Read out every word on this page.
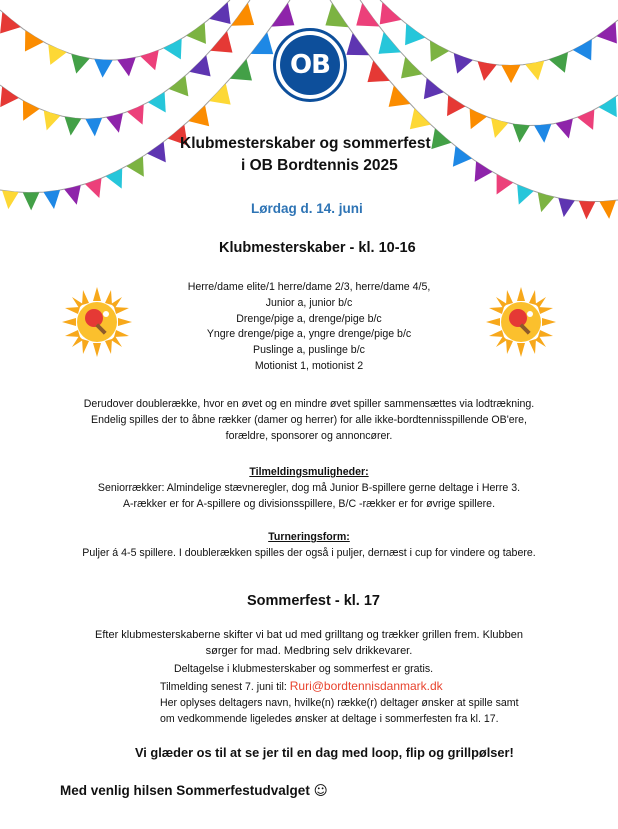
OB
Klubmesterskaber og sommerfest
i OB Bordtennis 2025
Lørdag d. 14. juni
Klubmesterskaber - kl. 10-16
Herre/dame elite/1 herre/dame 2/3, herre/dame 4/5,
Junior a, junior b/c
Drenge/pige a, drenge/pige b/c
Yngre drenge/pige a, yngre drenge/pige b/c
Puslinge a, puslinge b/c
Motionist 1, motionist 2
Derudover doublerække, hvor en øvet og en mindre øvet spiller sammensættes via lodtrækning.
Endelig spilles der to åbne rækker (damer og herrer) for alle ikke-bordtennisspillende OB'ere,
forældre, sponsorer og annoncører.
Tilmeldingsmuligheder:
Seniorrækker: Almindelige stævneregler, dog må Junior B-spillere gerne deltage i Herre 3.
A-rækker er for A-spillere og divisionsspillere, B/C -rækker er for øvrige spillere.
Turneringsform:
Puljer á 4-5 spillere. I doublerækken spilles der også i puljer, dernæst i cup for vindere og tabere.
Sommerfest - kl. 17
Efter klubmesterskaberne skifter vi bat ud med grilltang og trækker grillen frem. Klubben
sørger for mad. Medbring selv drikkevarer.
Deltagelse i klubmesterskaber og sommerfest er gratis.
Tilmelding senest 7. juni til: Ruri@bordtennisdanmark.dk
Her oplyses deltagers navn, hvilke(n) række(r) deltager ønsker at spille samt
om vedkommende ligeledes ønsker at deltage i sommerfesten fra kl. 17.
Vi glæder os til at se jer til en dag med loop, flip og grillpølser!
Med venlig hilsen Sommerfestudvalget ☺
